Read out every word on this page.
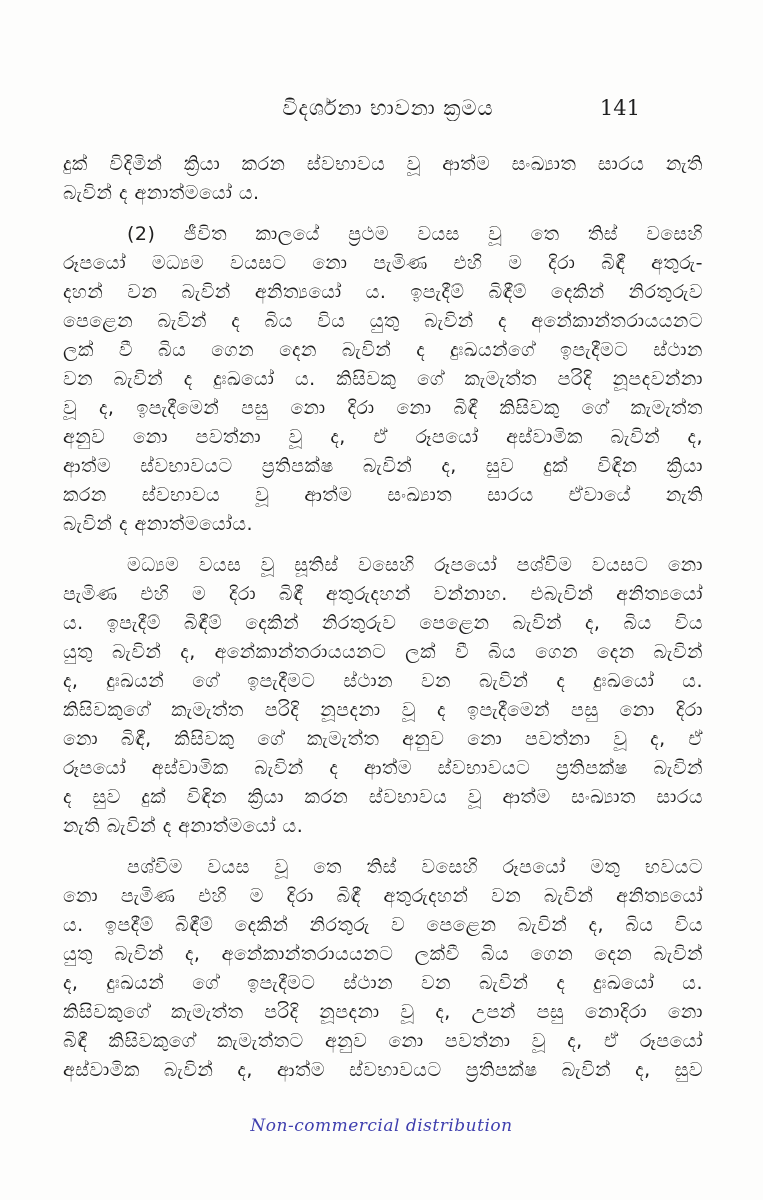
විදර්ශනා භාවනා ක්‍රමය	141

දුක් විදිමින් ක්‍රියා කරන ස්වභාවය වූ ආත්ම සංඛ්‍යාත සාරය නැති
බැවින් ද අනාත්මයෝ ය.

(2) ජීවිත කාලයේ ප්‍රථම වයස වූ තෙ තිස් වසෙහි
රූපයෝ මධ්‍යම වයසට නො පැමිණ එහි ම දිරා බිඳී අතුරු-
දහන් වන බැවින් අනිත්‍යයෝ ය. ඉපැදීම් බිඳීම් දෙකින් නිරතුරුව
පෙළෙන බැවින් ද බිය විය යුතු බැවින් ද අනේකාන්තරායයනට
ලක් වී බිය ගෙන දෙන බැවින් ද දුඃඛයන්ගේ ඉපැදීමට ස්ථාන
වන බැවින් ද දුඃඛයෝ ය. කිසිවකු ගේ කැමැත්ත පරිදි නූපදවන්නා
වූ ද, ඉපැදීමෙන් පසු නො දිරා නො බිඳී කිසිවකු ගේ කැමැත්ත
අනුව නො පවත්නා වූ ද, ඒ රූපයෝ අස්වාමික බැවින් ද,
ආත්ම ස්වභාවයට ප්‍රතිපක්ෂ බැවින් ද, සුව දුක් විඳින ක්‍රියා
කරන ස්වභාවය වූ ආත්ම සංඛ්‍යාත සාරය ඒවායේ නැති
බැවින් ද අනාත්මයෝය.

මධ්‍යම වයස වූ සූතිස් වසෙහි රූපයෝ පශ්විම වයසට නො
පැමිණ එහි ම දිරා බිඳී අතුරුදහන් වන්නාහ. එබැවින් අනිත්‍යයෝ
ය. ඉපැදීම් බිඳීම් දෙකින් නිරතුරුව පෙළෙන බැවින් ද, බිය විය
යුතු බැවින් ද, අනේකාන්තරායයනට ලක් වී බිය ගෙන දෙන බැවින්
ද, දුඃඛයන් ගේ ඉපැදීමට ස්ථාන වන බැවින් ද දුඃඛයෝ ය.
කිසිවකුගේ කැමැත්ත පරිදි නූපදනා වූ ද ඉපැදීමෙන් පසු නො දිරා
නො බිඳී, කිසිවකු ගේ කැමැත්ත අනුව නො පවත්නා වූ ද, ඒ
රූපයෝ අස්වාමික බැවින් ද ආත්ම ස්වභාවයට ප්‍රතිපක්ෂ බැවින්
ද සුව දුක් විඳින ක්‍රියා කරන ස්වභාවය වූ ආත්ම සංඛ්‍යාත සාරය
නැති බැවින් ද අනාත්මයෝ ය.

පශ්විම වයස වූ තෙ තිස් වසෙහි රූපයෝ මතු භවයට
නො පැමිණ එහි ම දිරා බිඳී අතුරුදහන් වන බැවින් අනිත්‍යයෝ
ය. ඉපදීම් බිඳීම් දෙකින් නිරතුරු ව පෙළෙන බැවින් ද, බිය විය
යුතු බැවින් ද, අනේකාන්තරායයනට ලක්වී බිය ගෙන දෙන බැවින්
ද, දුඃඛයන් ගේ ඉපැදීමට ස්ථාන වන බැවින් ද දුඃඛයෝ ය.
කිසිවකුගේ කැමැත්ත පරිදි නූපදනා වූ ද, උපන් පසු නොදිරා නො
බිඳී කිසිවකුගේ කැමැත්තට අනුව නො පවත්නා වූ ද, ඒ රූපයෝ
අස්වාමික බැවින් ද, ආත්ම ස්වභාවයට ප්‍රතිපක්ෂ බැවින් ද, සුව

Non-commercial distribution
